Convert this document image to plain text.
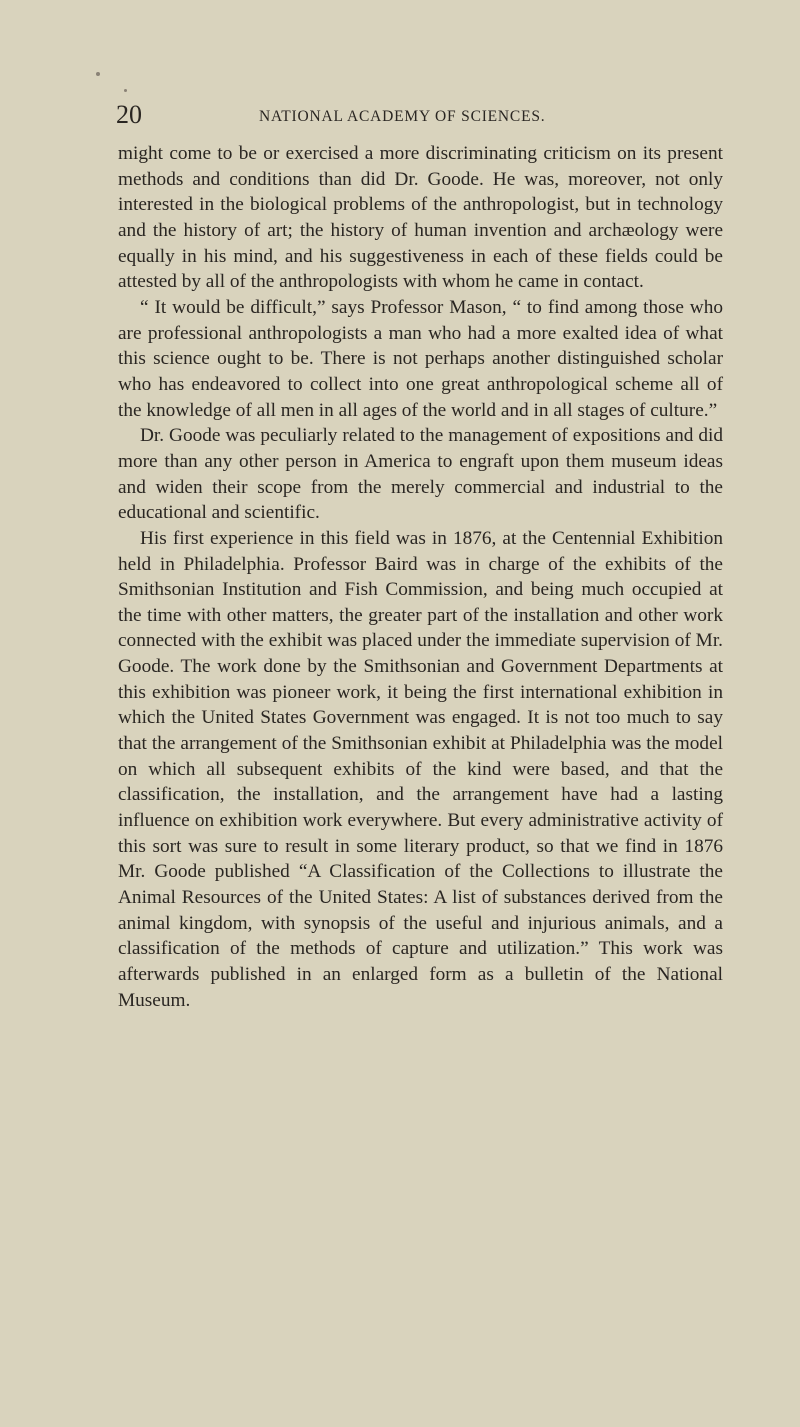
20	NATIONAL ACADEMY OF SCIENCES.

might come to be or exercised a more discriminating criticism on its present methods and conditions than did Dr. Goode. He was, moreover, not only interested in the biological problems of the anthropologist, but in technology and the history of art; the history of human invention and archæology were equally in his mind, and his suggestiveness in each of these fields could be attested by all of the anthropologists with whom he came in contact.

“ It would be difficult,” says Professor Mason, “ to find among those who are professional anthropologists a man who had a more exalted idea of what this science ought to be. There is not perhaps another distinguished scholar who has endeavored to collect into one great anthropological scheme all of the knowledge of all men in all ages of the world and in all stages of culture.”

Dr. Goode was peculiarly related to the management of expositions and did more than any other person in America to engraft upon them museum ideas and widen their scope from the merely commercial and industrial to the educational and scientific.

His first experience in this field was in 1876, at the Centennial Exhibition held in Philadelphia. Professor Baird was in charge of the exhibits of the Smithsonian Institution and Fish Commission, and being much occupied at the time with other matters, the greater part of the installation and other work connected with the exhibit was placed under the immediate supervision of Mr. Goode. The work done by the Smithsonian and Government Departments at this exhibition was pioneer work, it being the first international exhibition in which the United States Government was engaged. It is not too much to say that the arrangement of the Smithsonian exhibit at Philadelphia was the model on which all subsequent exhibits of the kind were based, and that the classification, the installation, and the arrangement have had a lasting influence on exhibition work everywhere. But every administrative activity of this sort was sure to result in some literary product, so that we find in 1876 Mr. Goode published “A Classification of the Collections to illustrate the Animal Resources of the United States: A list of substances derived from the animal kingdom, with synopsis of the useful and injurious animals, and a classification of the methods of capture and utilization.” This work was afterwards published in an enlarged form as a bulletin of the National Museum.
